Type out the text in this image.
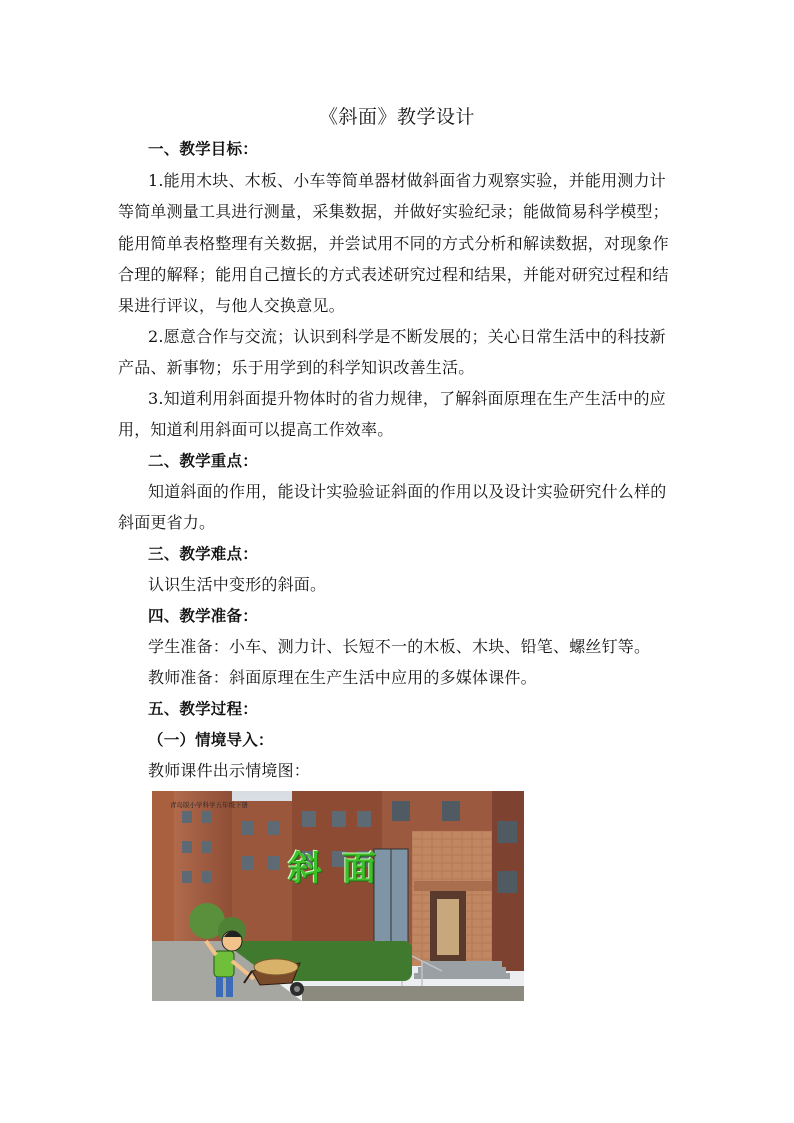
《斜面》教学设计
一、教学目标：
1.能用木块、木板、小车等简单器材做斜面省力观察实验，并能用测力计
等简单测量工具进行测量，采集数据，并做好实验纪录；能做简易科学模型；
能用简单表格整理有关数据，并尝试用不同的方式分析和解读数据，对现象作
合理的解释；能用自己擅长的方式表述研究过程和结果，并能对研究过程和结
果进行评议，与他人交换意见。
2.愿意合作与交流；认识到科学是不断发展的；关心日常生活中的科技新
产品、新事物；乐于用学到的科学知识改善生活。
3.知道利用斜面提升物体时的省力规律，了解斜面原理在生产生活中的应
用，知道利用斜面可以提高工作效率。
二、教学重点：
知道斜面的作用，能设计实验验证斜面的作用以及设计实验研究什么样的
斜面更省力。
三、教学难点：
认识生活中变形的斜面。
四、教学准备：
学生准备：小车、测力计、长短不一的木板、木块、铅笔、螺丝钉等。
教师准备：斜面原理在生产生活中应用的多媒体课件。
五、教学过程：
（一）情境导入：
教师课件出示情境图：
青岛版小学科学五年级下册
斜 面
